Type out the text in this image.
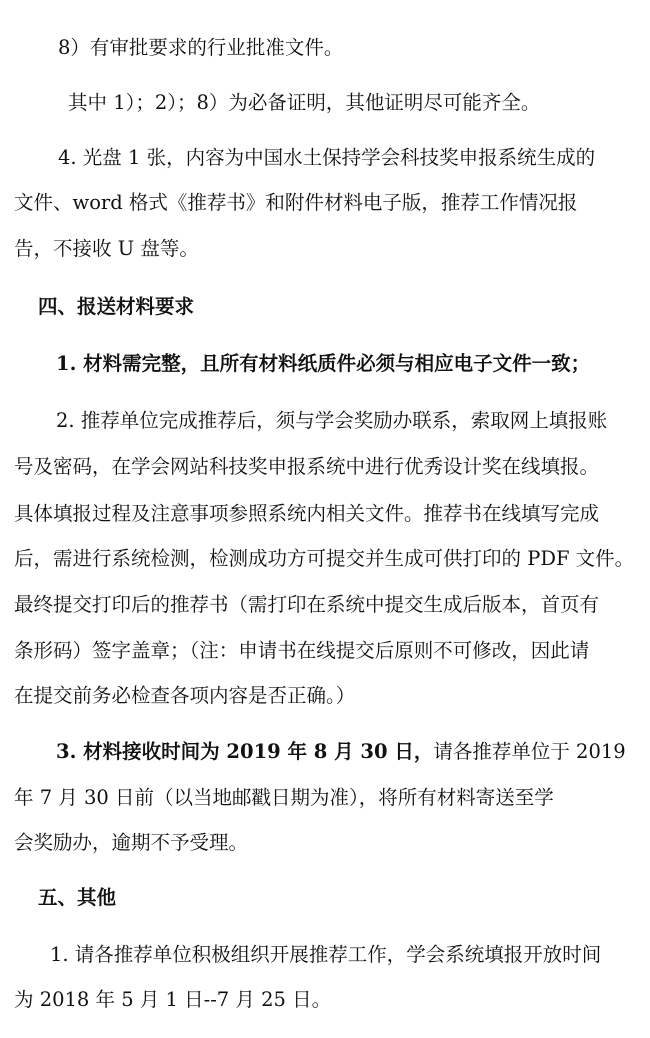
8）有审批要求的行业批准文件。
其中 1）；2）；8）为必备证明，其他证明尽可能齐全。
4. 光盘 1 张，内容为中国水土保持学会科技奖申报系统生成的
文件、word 格式《推荐书》和附件材料电子版，推荐工作情况报
告，不接收 U 盘等。
四、报送材料要求
1. 材料需完整，且所有材料纸质件必须与相应电子文件一致；
2. 推荐单位完成推荐后，须与学会奖励办联系，索取网上填报账
号及密码，在学会网站科技奖申报系统中进行优秀设计奖在线填报。
具体填报过程及注意事项参照系统内相关文件。推荐书在线填写完成
后，需进行系统检测，检测成功方可提交并生成可供打印的 PDF 文件。
最终提交打印后的推荐书（需打印在系统中提交生成后版本，首页有
条形码）签字盖章；（注：申请书在线提交后原则不可修改，因此请
在提交前务必检查各项内容是否正确。）
3. 材料接收时间为 2019 年 8 月 30 日，请各推荐单位于 2019
年 7 月 30 日前（以当地邮戳日期为准），将所有材料寄送至学
会奖励办，逾期不予受理。
五、其他
1. 请各推荐单位积极组织开展推荐工作，学会系统填报开放时间
为 2018 年 5 月 1 日--7 月 25 日。
